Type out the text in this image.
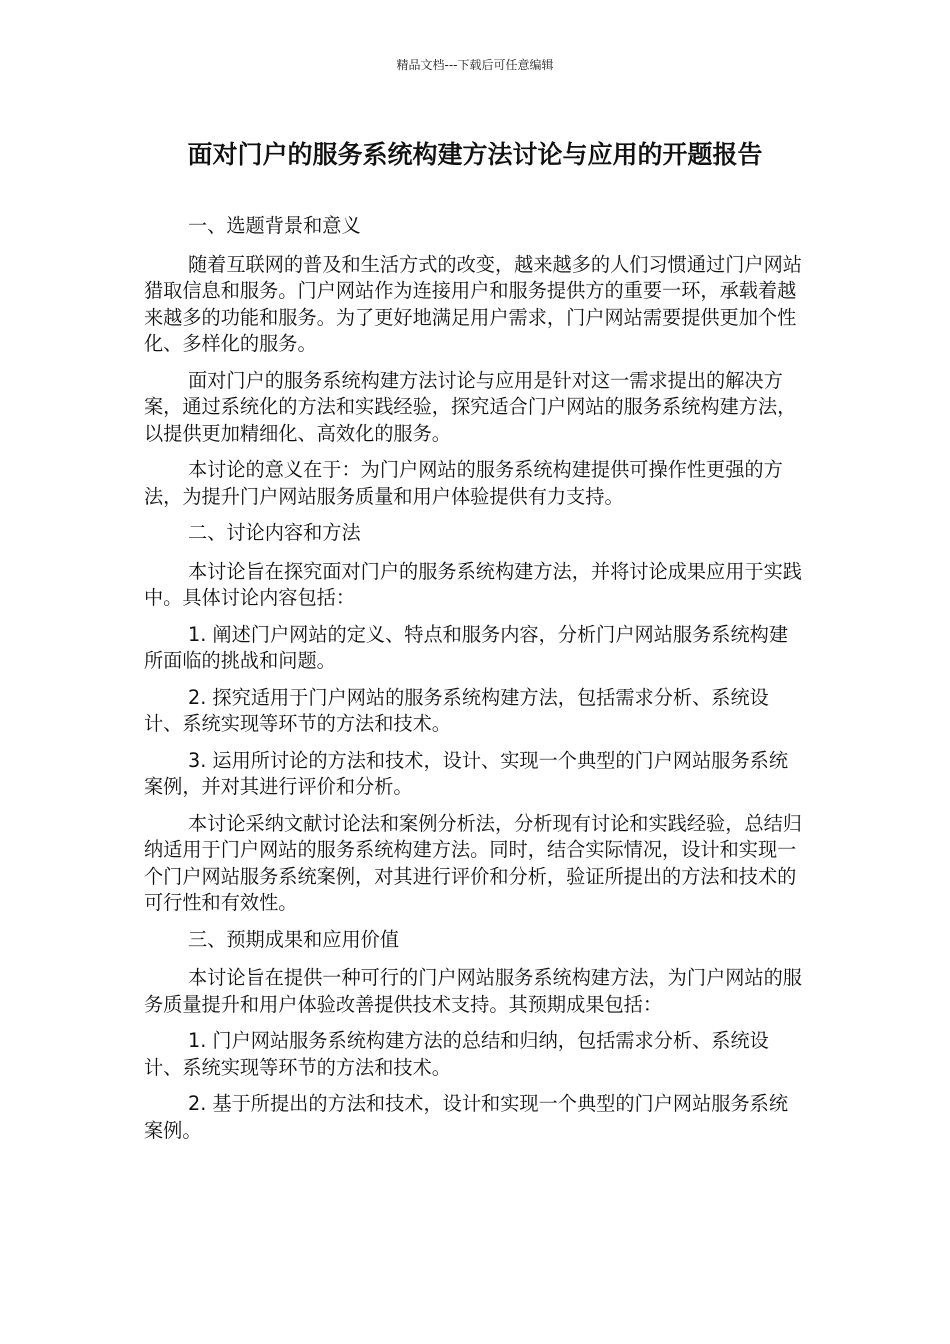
精品文档---下载后可任意编辑
面对门户的服务系统构建方法讨论与应用的开题报告

一、选题背景和意义

随着互联网的普及和生活方式的改变，越来越多的人们习惯通过门户网站猎取信息和服务。门户网站作为连接用户和服务提供方的重要一环，承载着越来越多的功能和服务。为了更好地满足用户需求，门户网站需要提供更加个性化、多样化的服务。

面对门户的服务系统构建方法讨论与应用是针对这一需求提出的解决方案，通过系统化的方法和实践经验，探究适合门户网站的服务系统构建方法，以提供更加精细化、高效化的服务。

本讨论的意义在于：为门户网站的服务系统构建提供可操作性更强的方法，为提升门户网站服务质量和用户体验提供有力支持。

二、讨论内容和方法

本讨论旨在探究面对门户的服务系统构建方法，并将讨论成果应用于实践中。具体讨论内容包括：

1. 阐述门户网站的定义、特点和服务内容，分析门户网站服务系统构建所面临的挑战和问题。

2. 探究适用于门户网站的服务系统构建方法，包括需求分析、系统设计、系统实现等环节的方法和技术。

3. 运用所讨论的方法和技术，设计、实现一个典型的门户网站服务系统案例，并对其进行评价和分析。

本讨论采纳文献讨论法和案例分析法，分析现有讨论和实践经验，总结归纳适用于门户网站的服务系统构建方法。同时，结合实际情况，设计和实现一个门户网站服务系统案例，对其进行评价和分析，验证所提出的方法和技术的可行性和有效性。

三、预期成果和应用价值

本讨论旨在提供一种可行的门户网站服务系统构建方法，为门户网站的服务质量提升和用户体验改善提供技术支持。其预期成果包括：

1. 门户网站服务系统构建方法的总结和归纳，包括需求分析、系统设计、系统实现等环节的方法和技术。

2. 基于所提出的方法和技术，设计和实现一个典型的门户网站服务系统案例。
